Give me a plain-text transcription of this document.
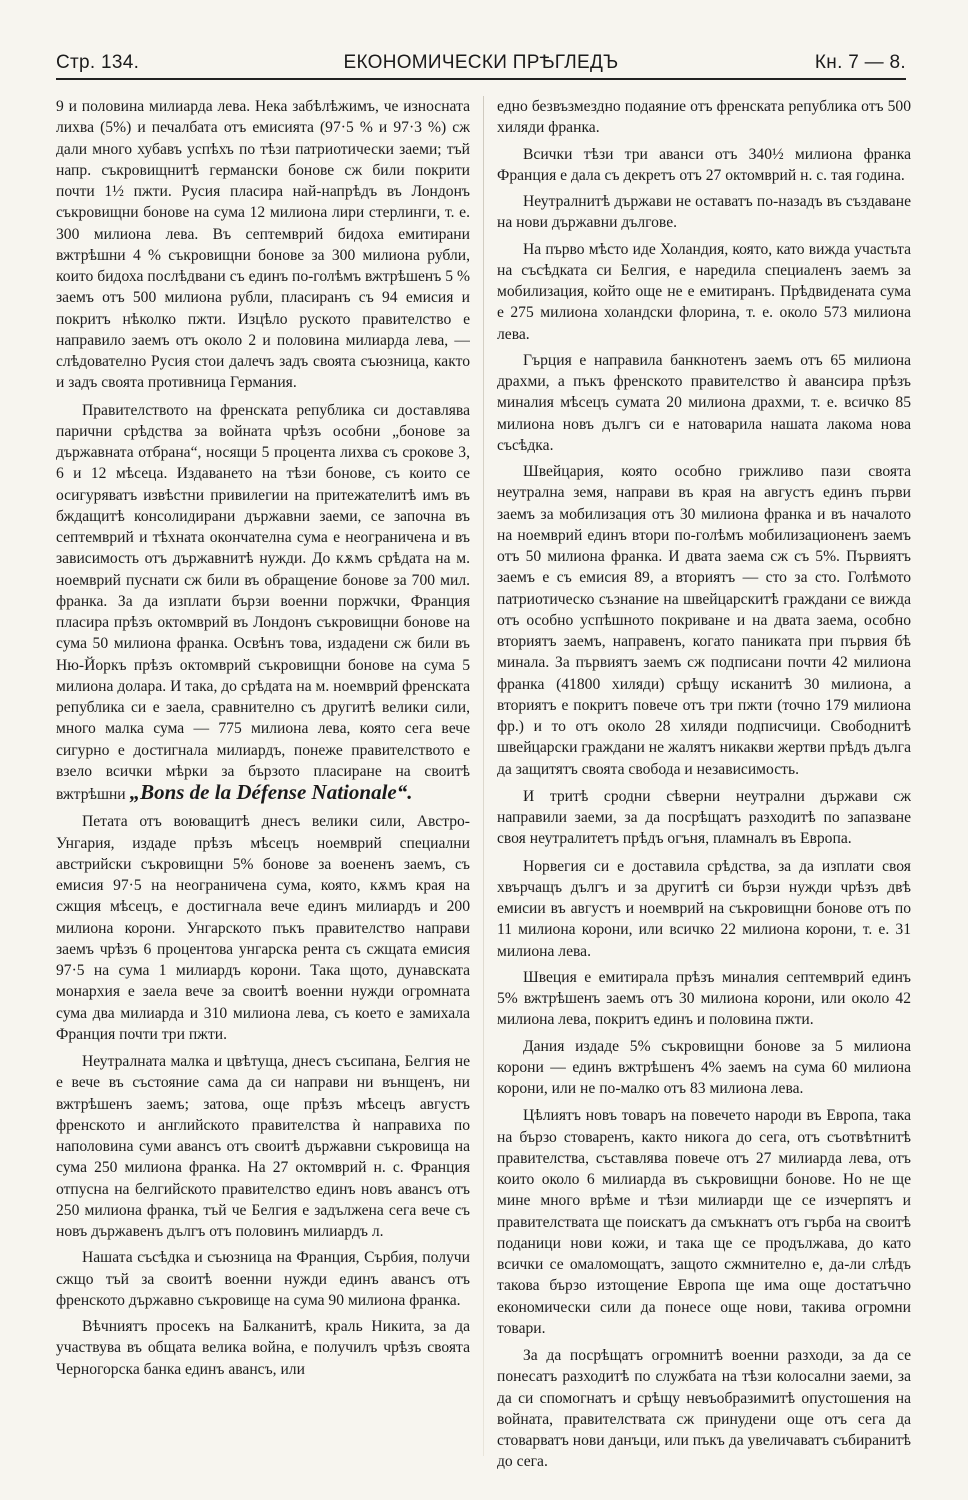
ЕКОНОМИЧЕСКИ ПРѢГЛЕДЪ
Стр. 134.	Кн. 7 — 8.

9 и половина милиарда лева. Нека забѣлѣжимъ, че износната лихва (5%) и печалбата отъ емисията (97·5 % и 97·3 %) сж дали много хубавъ успѣхъ по тѣзи патриотически заеми; тъй напр. съкровищнитѣ германски бонове сж били покрити почти 1½ пжти. Русия пласира най-напрѣдъ въ Лондонъ съкровищни бонове на сума 12 милиона лири стерлинги, т. е. 300 милиона лева. Въ септемврий бидоха емитирани вжтрѣшни 4 % съкровищни бонове за 300 милиона рубли, които бидоха послѣдвани съ единъ по-голѣмъ вжтрѣшенъ 5 % заемъ отъ 500 милиона рубли, пласиранъ съ 94 емисия и покритъ нѣколко пжти. Изцѣло руското правителство е направило заемъ отъ около 2 и половина милиарда лева, — слѣдователно Русия стои далечъ задъ своята съюзница, както и задъ своята противница Германия.

Правителството на френската република си доставлява парични срѣдства за войната чрѣзъ особни „бонове за държавната отбрана“, носящи 5 процента лихва съ срокове 3, 6 и 12 мѣсеца. Издаването на тѣзи бонове, съ които се осигуряватъ извѣстни привилегии на притежателитѣ имъ въ бждащитѣ консолидирани държавни заеми, се започна въ септемврий и тѣхната окончателна сума е неограничена и въ зависимость отъ държавнитѣ нужди. До кѫмъ срѣдата на м. ноемврий пуснати сж били въ обращение бонове за 700 мил. франка. За да изплати бързи военни поржчки, Франция пласира прѣзъ октомврий въ Лондонъ съкровищни бонове на сума 50 милиона франка. Освѣнъ това, издадени сж били въ Ню-Йоркъ прѣзъ октомврий съкровищни бонове на сума 5 милиона долара. И така, до срѣдата на м. ноемврий френската република си е заела, сравнително съ другитѣ велики сили, много малка сума — 775 милиона лева, която сега вече сигурно е достигнала милиардъ, понеже правителството е взело всички мѣрки за бързото пласиране на своитѣ вжтрѣшни „Bons de la Défense Nationale“.

Петата отъ воюващитѣ днесъ велики сили, Австро-Унгария, издаде прѣзъ мѣсецъ ноемврий специални австрийски съкровищни 5% бонове за воененъ заемъ, съ емисия 97·5 на неограничена сума, която, кѫмъ края на сжщия мѣсецъ, е достигнала вече единъ милиардъ и 200 милиона корони. Унгарското пъкъ правителство направи заемъ чрѣзъ 6 процентова унгарска рента съ сжщата емисия 97·5 на сума 1 милиардъ корони. Така щото, дунавската монархия е заела вече за своитѣ военни нужди огромната сума два милиарда и 310 милиона лева, съ което е замихала Франция почти три пжти.

Неутралната малка и цвѣтуща, днесъ съсипана, Белгия не е вече въ състояние сама да си направи ни вънщенъ, ни вжтрѣшенъ заемъ; затова, още прѣзъ мѣсецъ августъ френското и английското правителства ѝ направиха по наполовина суми авансъ отъ своитѣ държавни съкровища на сума 250 милиона франка. На 27 октомврий н. с. Франция отпусна на белгийското правителство единъ новъ авансъ отъ 250 милиона франка, тъй че Белгия е задължена сега вече съ новъ държавенъ дългъ отъ половинъ милиардъ л.

Нашата съсѣдка и съюзница на Франция, Сърбия, получи сжщо тъй за своитѣ военни нужди единъ авансъ отъ френското държавно съкровище на сума 90 милиона франка.

Вѣчниятъ просекъ на Балканитѣ, краль Никита, за да участвува въ общата велика война, е получилъ чрѣзъ своята Черногорска банка единъ авансъ, или

едно безвъзмездно подаяние отъ френската република отъ 500 хиляди франка.

Всички тѣзи три аванси отъ 340½ милиона франка Франция е дала съ декретъ отъ 27 октомврий н. с. тая година.

Неутралнитѣ държави не оставатъ по-назадъ въ създаване на нови държавни дългове.

На първо мѣсто иде Холандия, която, като вижда участьта на съсѣдката си Белгия, е наредила специаленъ заемъ за мобилизация, който още не е емитиранъ. Прѣдвидената сума е 275 милиона холандски флорина, т. е. около 573 милиона лева.

Гърция е направила банкнотенъ заемъ отъ 65 милиона драхми, а пъкъ френското правителство ѝ авансира прѣзъ миналия мѣсецъ сумата 20 милиона драхми, т. е. всичко 85 милиона новъ дългъ си е натоварила нашата лакома нова съсѣдка.

Швейцария, която особно грижливо пази своята неутрална земя, направи въ края на августъ единъ първи заемъ за мобилизация отъ 30 милиона франка и въ началото на ноемврий единъ втори по-голѣмъ мобилизационенъ заемъ отъ 50 милиона франка. И двата заема сж съ 5%. Първиятъ заемъ е съ емисия 89, а вториятъ — сто за сто. Голѣмото патриотическо съзнание на швейцарскитѣ граждани се вижда отъ особно успѣшното покриване и на двата заема, особно вториятъ заемъ, направенъ, когато паниката при първия бѣ минала. За първиятъ заемъ сж подписани почти 42 милиона франка (41800 хиляди) срѣщу исканитѣ 30 милиона, а вториятъ е покритъ повече отъ три пжти (точно 179 милиона фр.) и то отъ около 28 хиляди подписчици. Свободнитѣ швейцарски граждани не жалятъ никакви жертви прѣдъ дълга да защитятъ своята свобода и независимость.

И тритѣ сродни сѣверни неутрални държави сж направили заеми, за да посрѣщатъ разходитѣ по запазване своя неутралитетъ прѣдъ огъня, пламналъ въ Европа.

Норвегия си е доставила срѣдства, за да изплати своя хвърчащъ дългъ и за другитѣ си бързи нужди чрѣзъ двѣ емисии въ августъ и ноемврий на съкровищни бонове отъ по 11 милиона корони, или всичко 22 милиона корони, т. е. 31 милиона лева.

Швеция е емитирала прѣзъ миналия септемврий единъ 5% вжтрѣшенъ заемъ отъ 30 милиона корони, или около 42 милиона лева, покритъ единъ и половина пжти.

Дания издаде 5% съкровищни бонове за 5 милиона корони — единъ вжтрѣшенъ 4% заемъ на сума 60 милиона корони, или не по-малко отъ 83 милиона лева.

Цѣлиятъ новъ товаръ на повечето народи въ Европа, така на бързо стоваренъ, както никога до сега, отъ съотвѣтнитѣ правителства, съставлява повече отъ 27 милиарда лева, отъ които около 6 милиарда въ съкровищни бонове. Но не ще мине много врѣме и тѣзи милиарди ще се изчерпятъ и правителствата ще поискатъ да смъкнатъ отъ гърба на своитѣ поданици нови кожи, и така ще се продължава, до като всички се омаломощатъ, защото сжмнително е, да-ли слѣдъ такова бързо изтощение Европа ще има още достатъчно економически сили да понесе още нови, такива огромни товари.

За да посрѣщатъ огромнитѣ военни разходи, за да се понесатъ разходитѣ по службата на тѣзи колосални заеми, за да си спомогнатъ и срѣщу невъобразимитѣ опустошения на войната, правителствата сж принудени още отъ сега да стоварватъ нови данъци, или пъкъ да увеличаватъ събиранитѣ до сега.
